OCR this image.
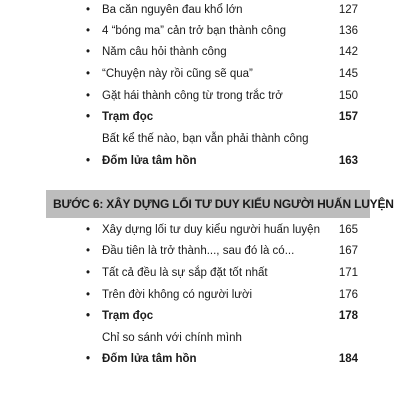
• Ba căn nguyên đau khổ lớn	127
• 4 “bóng ma” cản trở bạn thành công	136
• Năm câu hỏi thành công	142
• “Chuyện này rồi cũng sẽ qua”	145
• Gặt hái thành công từ trong trắc trở	150
• Trạm đọc	157
Bất kể thế nào, bạn vẫn phải thành công
• Đốm lửa tâm hồn	163
BƯỚC 6: XÂY DỰNG LỐI TƯ DUY KIỂU NGƯỜI HUẤN LUYỆN
• Xây dựng lối tư duy kiểu người huấn luyện 165
• Đầu tiên là trở thành..., sau đó là có...	167
• Tất cả đều là sự sắp đặt tốt nhất	171
• Trên đời không có người lười	176
• Trạm đọc	178
Chỉ so sánh với chính mình
• Đốm lửa tâm hồn	184
